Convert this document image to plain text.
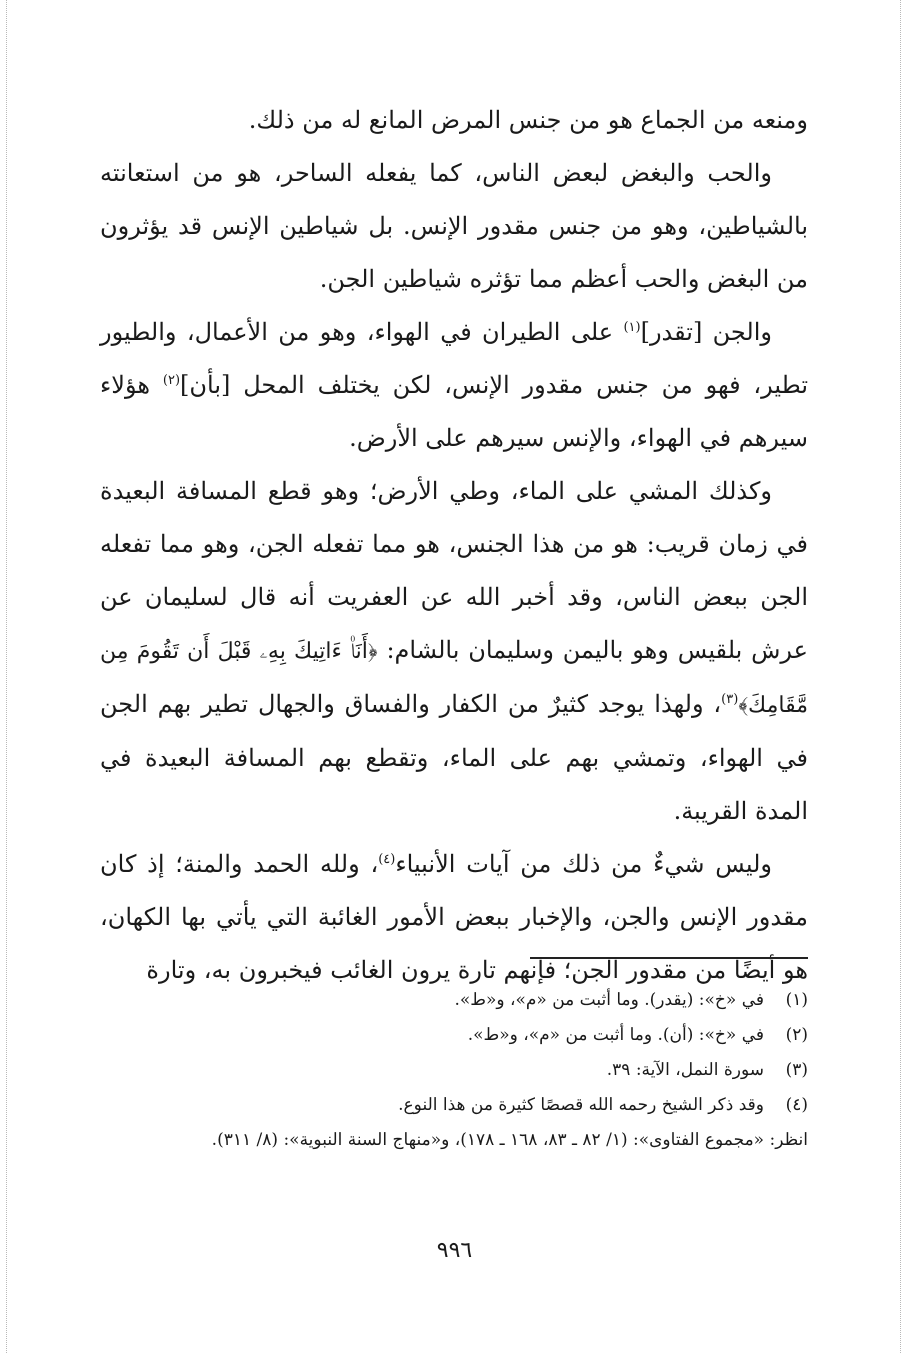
ومنعه من الجماع هو من جنس المرض المانع له من ذلك.

والحب والبغض لبعض الناس، كما يفعله الساحر، هو من استعانته بالشياطين، وهو من جنس مقدور الإنس. بل شياطين الإنس قد يؤثرون من البغض والحب أعظم مما تؤثره شياطين الجن.

والجن [تقدر]$^{(١)}$ على الطيران في الهواء، وهو من الأعمال، والطيور تطير، فهو من جنس مقدور الإنس، لكن يختلف المحل [بأن]$^{(٢)}$ هؤلاء سيرهم في الهواء، والإنس سيرهم على الأرض.

وكذلك المشي على الماء، وطي الأرض؛ وهو قطع المسافة البعيدة في زمان قريب: هو من هذا الجنس، هو مما تفعله الجن، وهو مما تفعله الجن ببعض الناس، وقد أخبر الله عن العفريت أنه قال لسليمان عن عرش بلقيس وهو باليمن وسليمان بالشام: ﴿أَنَا۠ ءَاتِيكَ بِهِۦ قَبْلَ أَن تَقُومَ مِن مَّقَامِكَ﴾$^{(٣)}$، ولهذا يوجد كثيرٌ من الكفار والفساق والجهال تطير بهم الجن في الهواء، وتمشي بهم على الماء، وتقطع بهم المسافة البعيدة في المدة القريبة.

وليس شيءٌ من ذلك من آيات الأنبياء$^{(٤)}$، ولله الحمد والمنة؛ إذ كان مقدور الإنس والجن، والإخبار ببعض الأمور الغائبة التي يأتي بها الكهان، هو أيضًا من مقدور الجن؛ فإنهم تارة يرون الغائب فيخبرون به، وتارة

(١)
في «خ»: (يقدر). وما أثبت من «م»، و«ط».
(٢)
في «خ»: (أن). وما أثبت من «م»، و«ط».
(٣)
سورة النمل، الآية: ٣٩.
(٤)
وقد ذكر الشيخ رحمه الله قصصًا كثيرة من هذا النوع.
انظر: «مجموع الفتاوى»: (١/ ٨٢ ـ ٨٣، ١٦٨ ـ ١٧٨)، و«منهاج السنة النبوية»: (٨/ ٣١١).
٩٩٦
